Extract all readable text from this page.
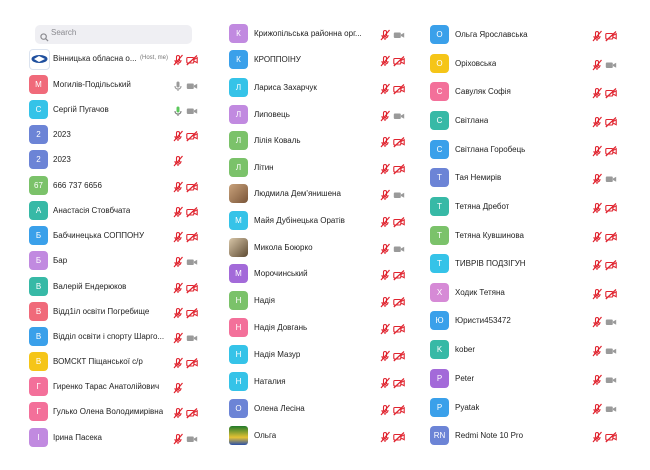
Search
Вінницька обласна о... (Host, me)
М	Могилів-Подільський
С	Сергій Пугачов
2	2023
2	2023
67	666 737 6656
А	Анастасія Стовбчата
Б	Бабчинецька СОППОНУ
Б	Бар
В	Валерій Ендерюков
В	Відд1іл освіти Погребище
В	Відділ освіти і спорту Шарго...
В	ВОМСКТ Піщанської с/р
Г	Гиренко Тарас Анатолійович
Г	Гулько Олена Володимирівна
І	Ірина Пасека
К	Крижопільська районна орг...
К	КРОППОІНУ
Л	Лариса Захарчук
Л	Липовець
Л	Лілія Коваль
Л	Літин
Людмила Дем'янишена
М	Майя Дубінецька Оратів
Микола Боюрко
М	Морочинський
Н	Надія
Н	Надія Довгань
Н	Надія Мазур
Н	Наталия
О	Олена Лесіна
Ольга
О	Ольга Ярославська
О	Оріховська
С	Савуляк Софія
С	Світлана
С	Світлана Горобець
Т	Тая Немирів
Т	Тетяна Дребот
Т	Тетяна Кувшинова
Т	ТИВРІВ ПОДЗІГУН
Х	Ходик Тетяна
Ю	Юристи453472
K	kober
P	Peter
P	Pyatak
RN	Redmi Note 10 Pro
